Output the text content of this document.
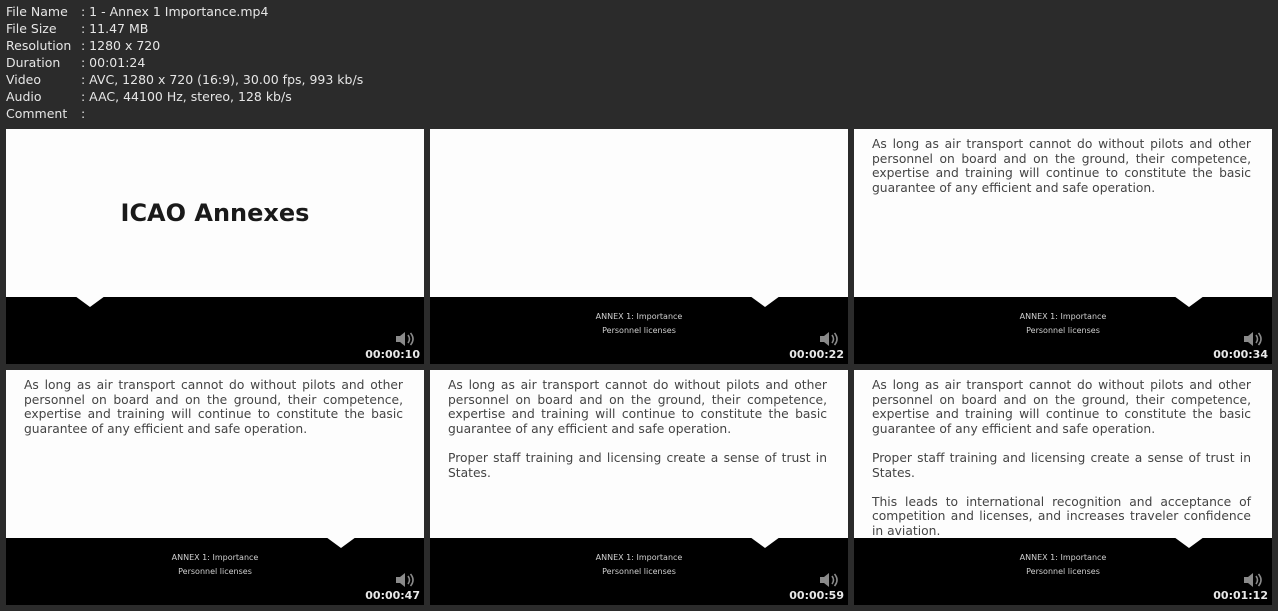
File Name	: 1 - Annex 1 Importance.mp4
File Size	: 11.47 MB
Resolution : 1280 x 720
Duration	: 00:01:24
Video	: AVC, 1280 x 720 (16:9), 30.00 fps, 993 kb/s
Audio	: AAC, 44100 Hz, stereo, 128 kb/s
Comment	:
ICAO Annexes
00:00:10
ANNEX 1: Importance
Personnel licenses
00:00:22

As long as air transport cannot do without pilots and other personnel on board and on the ground, their competence, expertise and training will continue to constitute the basic guarantee of any efficient and safe operation.

ANNEX 1: Importance
Personnel licenses
00:00:34

As long as air transport cannot do without pilots and other personnel on board and on the ground, their competence, expertise and training will continue to constitute the basic guarantee of any efficient and safe operation.

ANNEX 1: Importance
Personnel licenses
00:00:47

As long as air transport cannot do without pilots and other personnel on board and on the ground, their competence, expertise and training will continue to constitute the basic guarantee of any efficient and safe operation.

Proper staff training and licensing create a sense of trust in States.

ANNEX 1: Importance
Personnel licenses
00:00:59

As long as air transport cannot do without pilots and other personnel on board and on the ground, their competence, expertise and training will continue to constitute the basic guarantee of any efficient and safe operation.

Proper staff training and licensing create a sense of trust in States.

This leads to international recognition and acceptance of competition and licenses, and increases traveler confidence in aviation.

ANNEX 1: Importance
Personnel licenses
00:01:12
